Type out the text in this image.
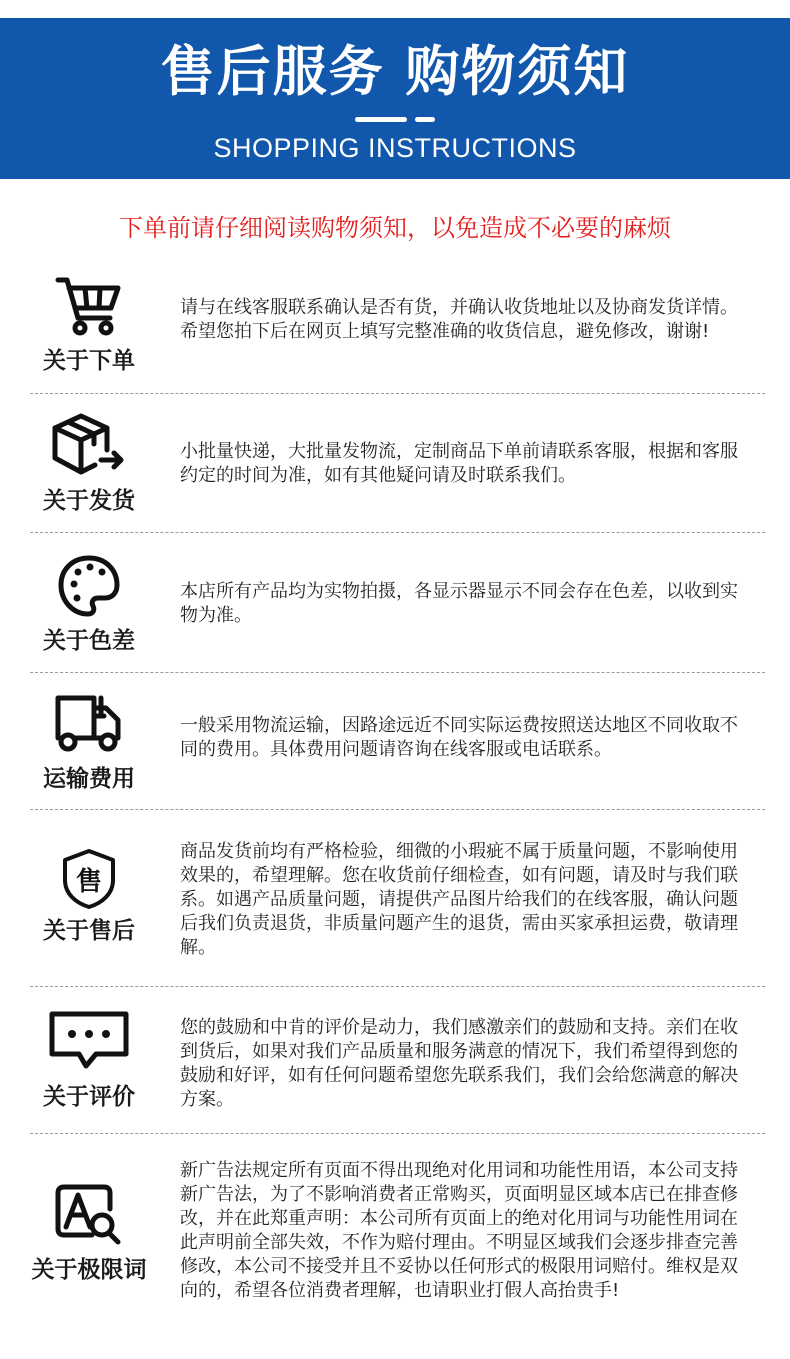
售后服务 购物须知
SHOPPING INSTRUCTIONS
下单前请仔细阅读购物须知，以免造成不必要的麻烦
关于下单
请与在线客服联系确认是否有货，并确认收货地址以及协商发货详情。希望您拍下后在网页上填写完整准确的收货信息，避免修改，谢谢!
关于发货
小批量快递，大批量发物流，定制商品下单前请联系客服，根据和客服约定的时间为准，如有其他疑问请及时联系我们。
关于色差
本店所有产品均为实物拍摄，各显示器显示不同会存在色差，以收到实物为准。
运输费用
一般采用物流运输，因路途远近不同实际运费按照送达地区不同收取不同的费用。具体费用问题请咨询在线客服或电话联系。
售
关于售后
商品发货前均有严格检验，细微的小瑕疵不属于质量问题，不影响使用效果的，希望理解。您在收货前仔细检查，如有问题，请及时与我们联系。如遇产品质量问题，请提供产品图片给我们的在线客服，确认问题后我们负责退货，非质量问题产生的退货，需由买家承担运费，敬请理解。
关于评价
您的鼓励和中肯的评价是动力，我们感激亲们的鼓励和支持。亲们在收到货后，如果对我们产品质量和服务满意的情况下，我们希望得到您的鼓励和好评，如有任何问题希望您先联系我们，我们会给您满意的解决方案。
关于极限词
新广告法规定所有页面不得出现绝对化用词和功能性用语，本公司支持新广告法，为了不影响消费者正常购买，页面明显区域本店已在排查修改，并在此郑重声明：本公司所有页面上的绝对化用词与功能性用词在此声明前全部失效，不作为赔付理由。不明显区域我们会逐步排查完善修改，本公司不接受并且不妥协以任何形式的极限用词赔付。维权是双向的，希望各位消费者理解，也请职业打假人高抬贵手!
